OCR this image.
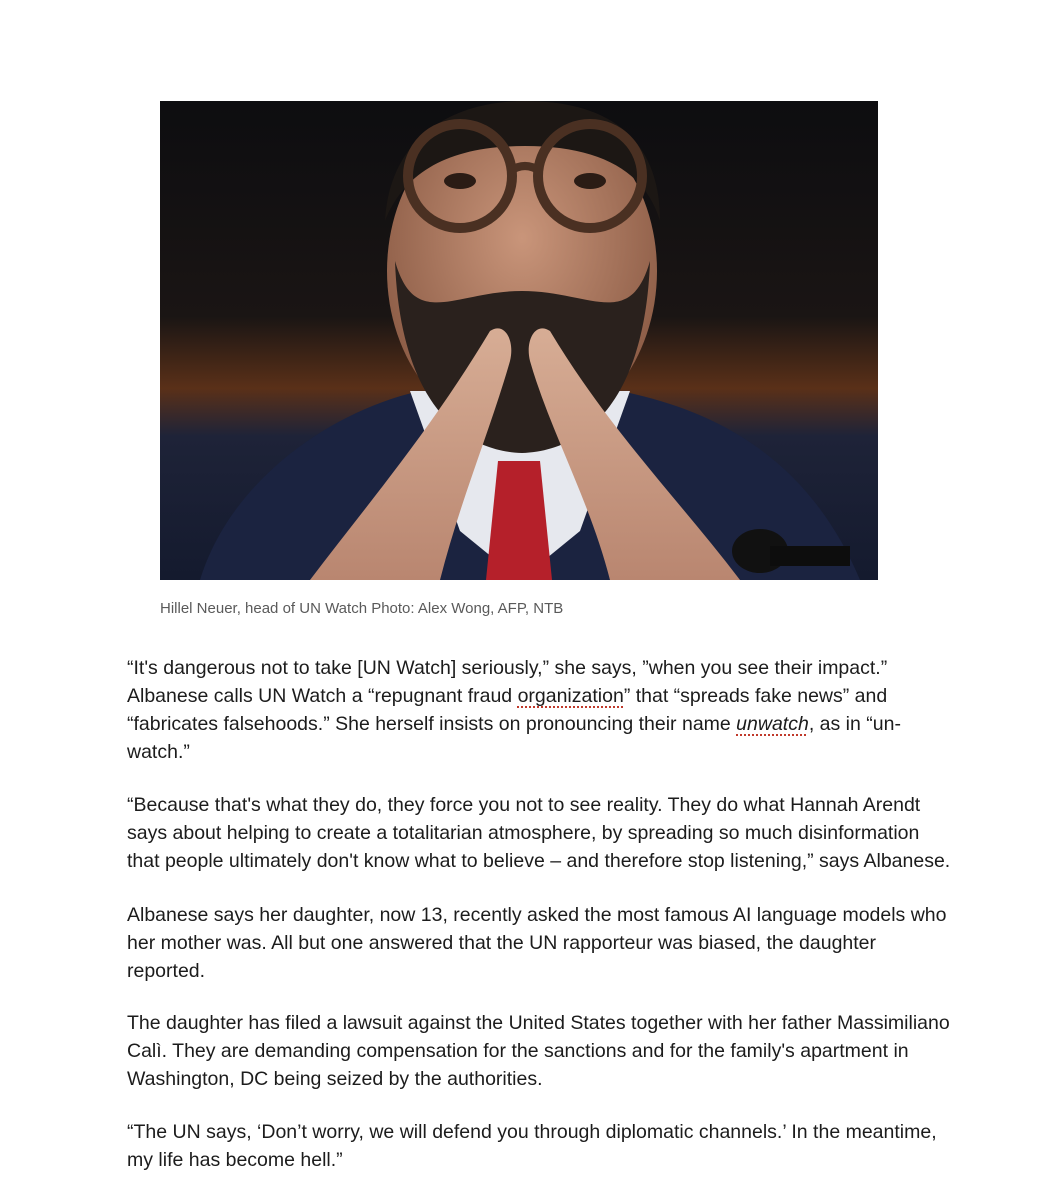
Hillel Neuer, head of UN Watch Photo: Alex Wong, AFP, NTB

“It's dangerous not to take [UN Watch] seriously,” she says, ”when you see their impact.” Albanese calls UN Watch a “repugnant fraud organization” that “spreads fake news” and “fabricates falsehoods.” She herself insists on pronouncing their name unwatch, as in “un-watch.”

“Because that's what they do, they force you not to see reality. They do what Hannah Arendt says about helping to create a totalitarian atmosphere, by spreading so much disinformation that people ultimately don't know what to believe – and therefore stop listening,” says Albanese.

Albanese says her daughter, now 13, recently asked the most famous AI language models who her mother was. All but one answered that the UN rapporteur was biased, the daughter reported.

The daughter has filed a lawsuit against the United States together with her father Massimiliano Calì. They are demanding compensation for the sanctions and for the family's apartment in Washington, DC being seized by the authorities.

“The UN says, ‘Don’t worry, we will defend you through diplomatic channels.’ In the meantime, my life has become hell.”
